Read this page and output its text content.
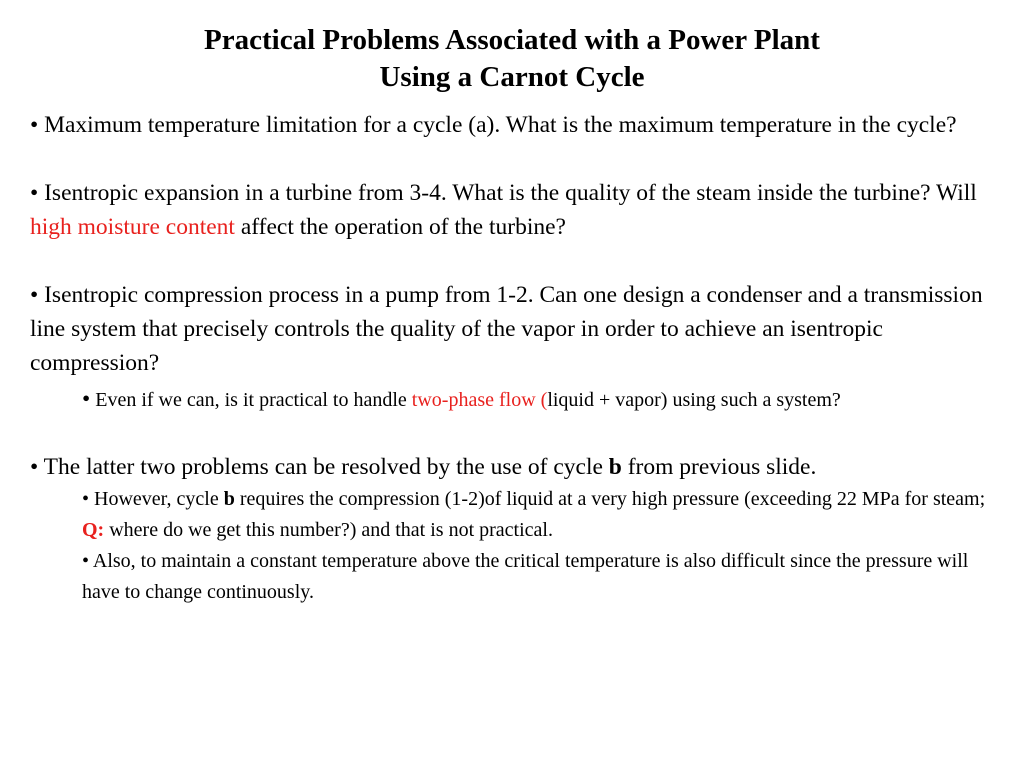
Practical Problems Associated with a Power Plant
Using a Carnot Cycle

• Maximum temperature limitation for a cycle (a). What is the maximum temperature in the cycle?

• Isentropic expansion in a turbine from 3-4. What is the quality of the steam inside the turbine? Will high moisture content affect the operation of the turbine?

• Isentropic compression process in a pump from 1-2. Can one design a condenser and a transmission line system that precisely controls the quality of the vapor in order to achieve an isentropic compression?

• Even if we can, is it practical to handle two-phase flow (liquid + vapor) using such a system?

• The latter two problems can be resolved by the use of cycle b from previous slide.

• However, cycle b requires the compression (1-2)of liquid at a very high pressure (exceeding 22 MPa for steam; Q: where do we get this number?) and that is not practical.

• Also, to maintain a constant temperature above the critical temperature is also difficult since the pressure will have to change continuously.
